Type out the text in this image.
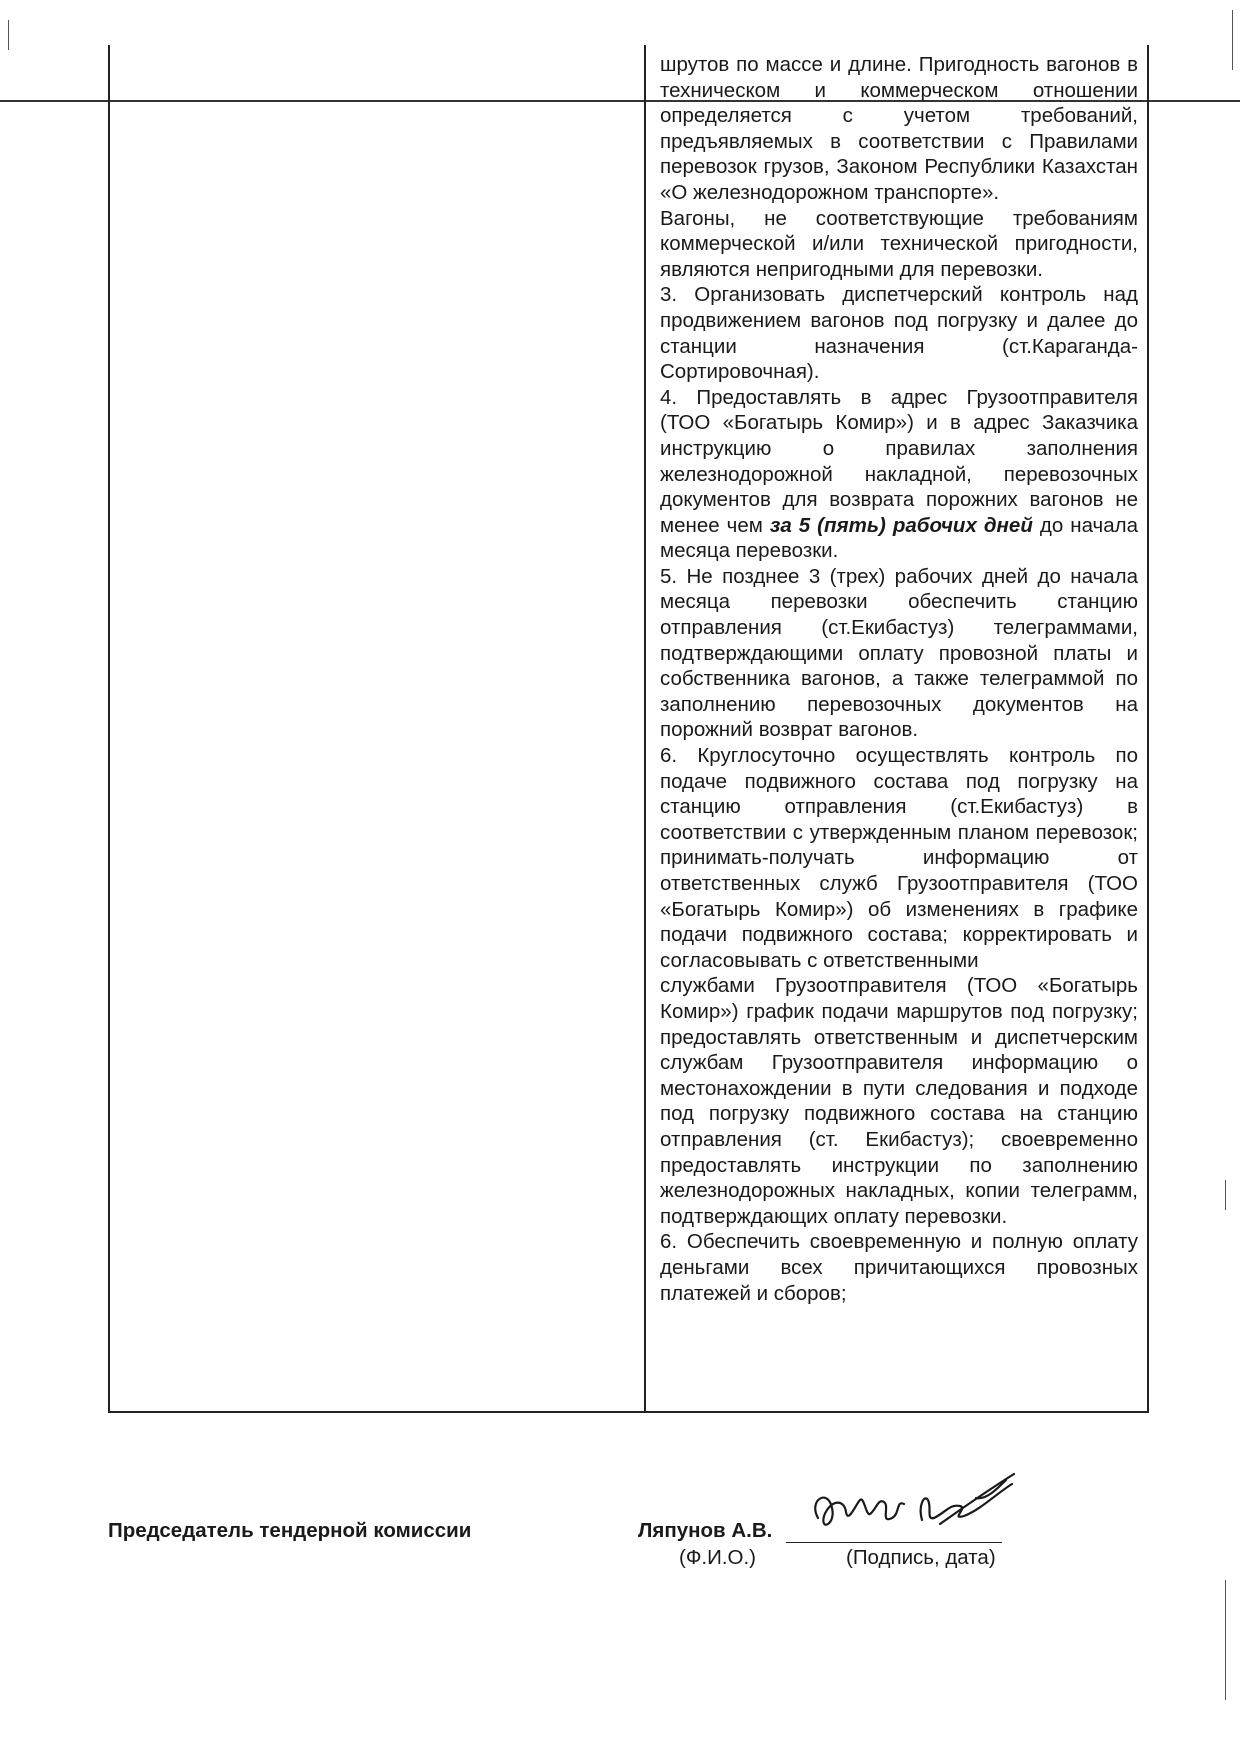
шрутов по массе и длине. Пригодность вагонов в техническом и коммерческом отношении определяется с учетом требований, предъявляемых в соответствии с Правилами перевозок грузов, Законом Республики Казахстан «О железнодорожном транспорте».

Вагоны, не соответствующие требованиям коммерческой и/или технической пригодности, являются непригодными для перевозки.

3. Организовать диспетчерский контроль над продвижением вагонов под погрузку и далее до станции назначения (ст.Караганда-Сортировочная).

4. Предоставлять в адрес Грузоотправителя (ТОО «Богатырь Комир») и в адрес Заказчика инструкцию о правилах заполнения железнодорожной накладной, перевозочных документов для возврата порожних вагонов не менее чем за 5 (пять) рабочих дней до начала месяца перевозки.

5. Не позднее 3 (трех) рабочих дней до начала месяца перевозки обеспечить станцию отправления (ст.Екибастуз) телеграммами, подтверждающими оплату провозной платы и собственника вагонов, а также телеграммой по заполнению перевозочных документов на порожний возврат вагонов.

6. Круглосуточно осуществлять контроль по подаче подвижного состава под погрузку на станцию отправления (ст.Екибастуз) в соответствии с утвержденным планом перевозок; принимать-получать информацию от ответственных служб Грузоотправителя (ТОО «Богатырь Комир») об изменениях в графике подачи подвижного состава; корректировать и согласовывать с ответственными

службами Грузоотправителя (ТОО «Богатырь Комир») график подачи маршрутов под погрузку; предоставлять ответственным и диспетчерским службам Грузоотправителя информацию о местонахождении в пути следования и подходе под погрузку подвижного состава на станцию отправления (ст. Екибастуз); своевременно предоставлять инструкции по заполнению железнодорожных накладных, копии телеграмм, подтверждающих оплату перевозки.

6. Обеспечить своевременную и полную оплату деньгами всех причитающихся провозных платежей и сборов;

Председатель тендерной комиссии	Ляпунов А.В.
(Ф.И.О.)	(Подпись, дата)
